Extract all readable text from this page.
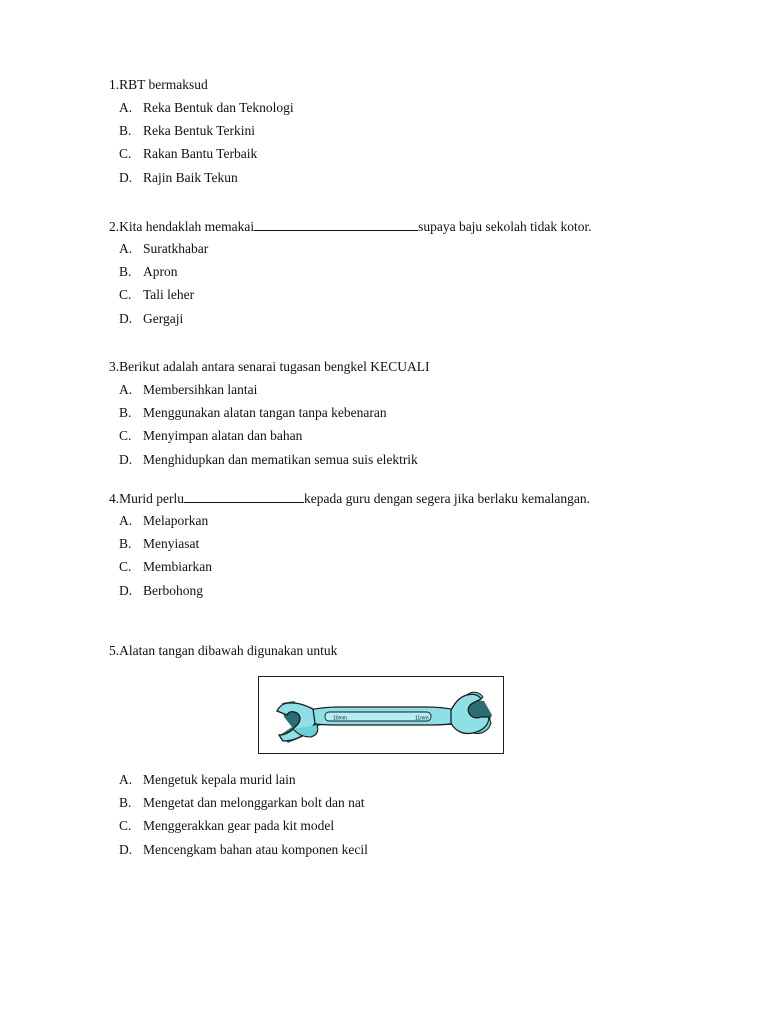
1.RBT bermaksud
A. Reka Bentuk dan Teknologi
B. Reka Bentuk Terkini
C. Rakan Bantu Terbaik
D. Rajin Baik Tekun
2.Kita hendaklah memakai	supaya baju sekolah tidak kotor.
A. Suratkhabar
B. Apron
C. Tali leher
D. Gergaji
3.Berikut adalah antara senarai tugasan bengkel KECUALI
A. Membersihkan lantai
B. Menggunakan alatan tangan tanpa kebenaran
C. Menyimpan alatan dan bahan
D. Menghidupkan dan mematikan semua suis elektrik
4.Murid perlu	kepada guru dengan segera jika berlaku kemalangan.
A. Melaporkan
B. Menyiasat
C. Membiarkan
D. Berbohong
5.Alatan tangan dibawah digunakan untuk
10mm	11mm
A. Mengetuk kepala murid lain
B. Mengetat dan melonggarkan bolt dan nat
C. Menggerakkan gear pada kit model
D. Mencengkam bahan atau komponen kecil
